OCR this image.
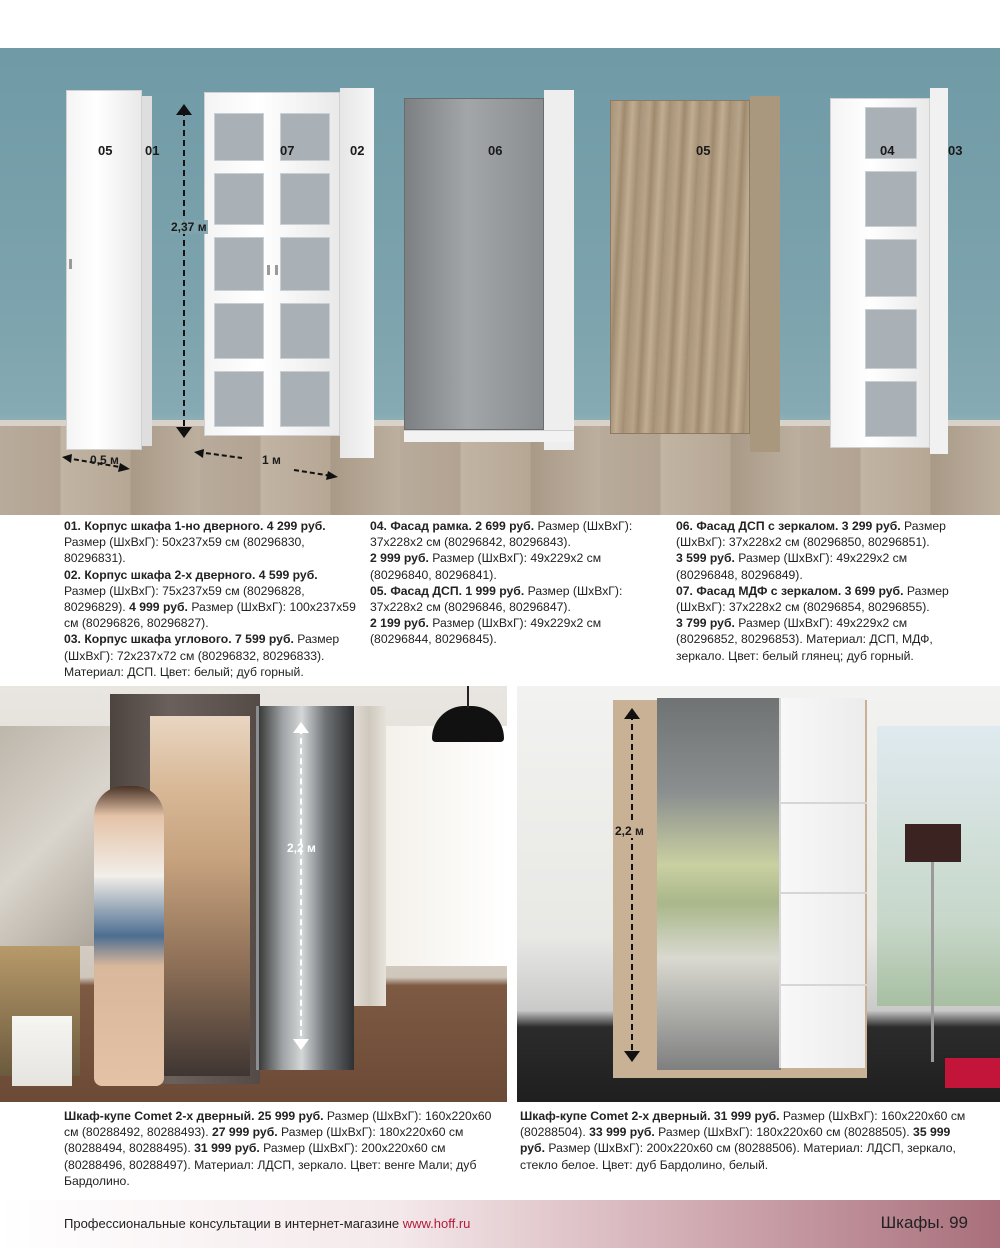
05	01	07	02	06	05	04	03
2,37 м
0,5 м	1 м

01. Корпус шкафа 1-но дверного. 4 299 руб. Размер (ШхВхГ): 50х237х59 см (80296830, 80296831).

02. Корпус шкафа 2-х дверного. 4 599 руб. Размер (ШхВхГ): 75х237х59 см (80296828, 80296829). 4 999 руб. Размер (ШхВхГ): 100х237х59 см (80296826, 80296827).

03. Корпус шкафа углового. 7 599 руб. Размер (ШхВхГ): 72х237х72 см (80296832, 80296833). Материал: ДСП. Цвет: белый; дуб горный.

04. Фасад рамка. 2 699 руб. Размер (ШхВхГ): 37х228х2 см (80296842, 80296843).

2 999 руб. Размер (ШхВхГ): 49х229х2 см (80296840, 80296841).

05. Фасад ДСП. 1 999 руб. Размер (ШхВхГ): 37х228х2 см (80296846, 80296847).

2 199 руб. Размер (ШхВхГ): 49х229х2 см (80296844, 80296845).

06. Фасад ДСП с зеркалом. 3 299 руб. Размер (ШхВхГ): 37х228х2 см (80296850, 80296851).

3 599 руб. Размер (ШхВхГ): 49х229х2 см (80296848, 80296849).

07. Фасад МДФ с зеркалом. 3 699 руб. Размер (ШхВхГ): 37х228х2 см (80296854, 80296855).

3 799 руб. Размер (ШхВхГ): 49х229х2 см (80296852, 80296853). Материал: ДСП, МДФ, зеркало. Цвет: белый глянец; дуб горный.

2,2 м
2,2 м

Шкаф-купе Comet 2-х дверный. 25 999 руб. Размер (ШхВхГ): 160х220х60 см (80288492, 80288493). 27 999 руб. Размер (ШхВхГ): 180х220х60 см (80288494, 80288495). 31 999 руб. Размер (ШхВхГ): 200х220х60 см (80288496, 80288497). Материал: ЛДСП, зеркало. Цвет: венге Мали; дуб Бардолино.

Шкаф-купе Comet 2-х дверный. 31 999 руб. Размер (ШхВхГ): 160х220х60 см (80288504). 33 999 руб. Размер (ШхВхГ): 180х220х60 см (80288505). 35 999 руб. Размер (ШхВхГ): 200х220х60 см (80288506). Материал: ЛДСП, зеркало, стекло белое. Цвет: дуб Бардолино, белый.

Профессиональные консультации в интернет-магазине www.hoff.ru	Шкафы. 99
